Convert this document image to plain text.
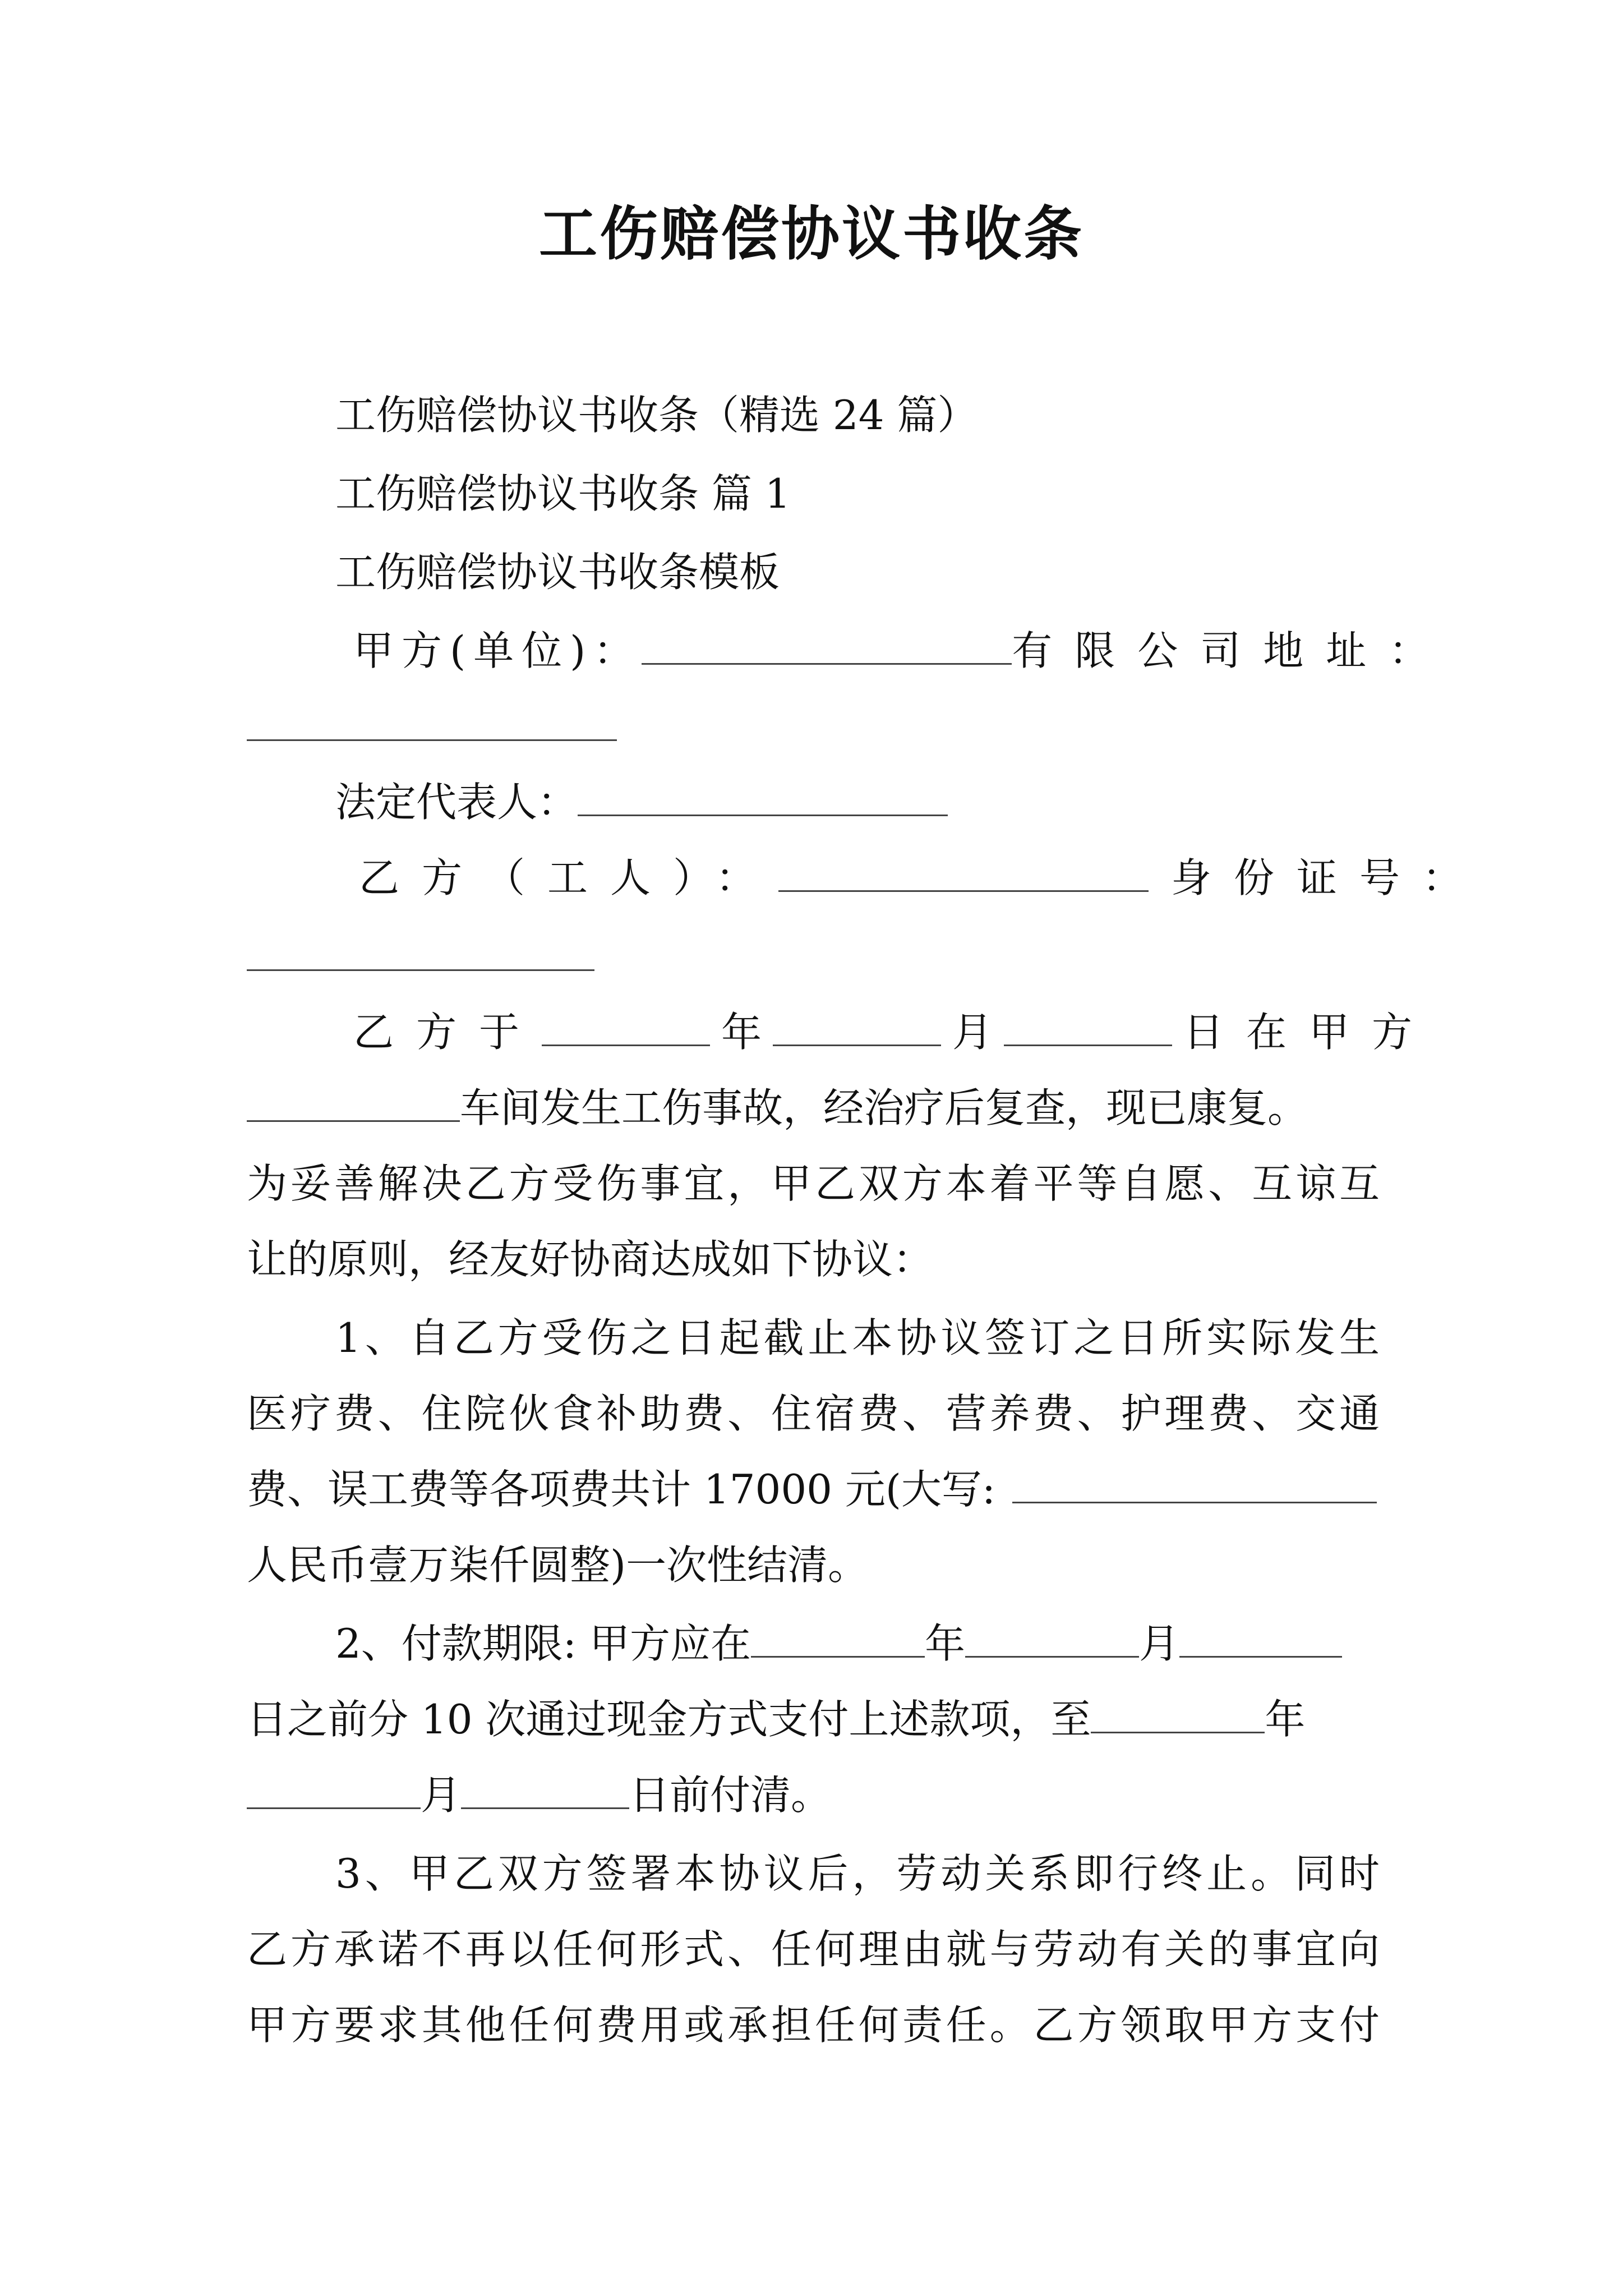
工伤赔偿协议书收条
工伤赔偿协议书收条（精选 24 篇）
工伤赔偿协议书收条 篇 1
工伤赔偿协议书收条模板
甲方(单位)：	有限公司地址：
法定代表人：
乙方（工人）：	身份证号：
乙方于	年	月	日在甲方
车间发生工伤事故，经治疗后复查，现已康复。
为妥善解决乙方受伤事宜，甲乙双方本着平等自愿、互谅互
让的原则，经友好协商达成如下协议：
1、自乙方受伤之日起截止本协议签订之日所实际发生
医疗费、住院伙食补助费、住宿费、营养费、护理费、交通
费、误工费等各项费共计 17000 元(大写:
人民币壹万柒仟圆整)一次性结清。
2、付款期限: 甲方应在	年	月
日之前分 10 次通过现金方式支付上述款项，至	年
月	日前付清。
3、甲乙双方签署本协议后，劳动关系即行终止。同时
乙方承诺不再以任何形式、任何理由就与劳动有关的事宜向
甲方要求其他任何费用或承担任何责任。乙方领取甲方支付
